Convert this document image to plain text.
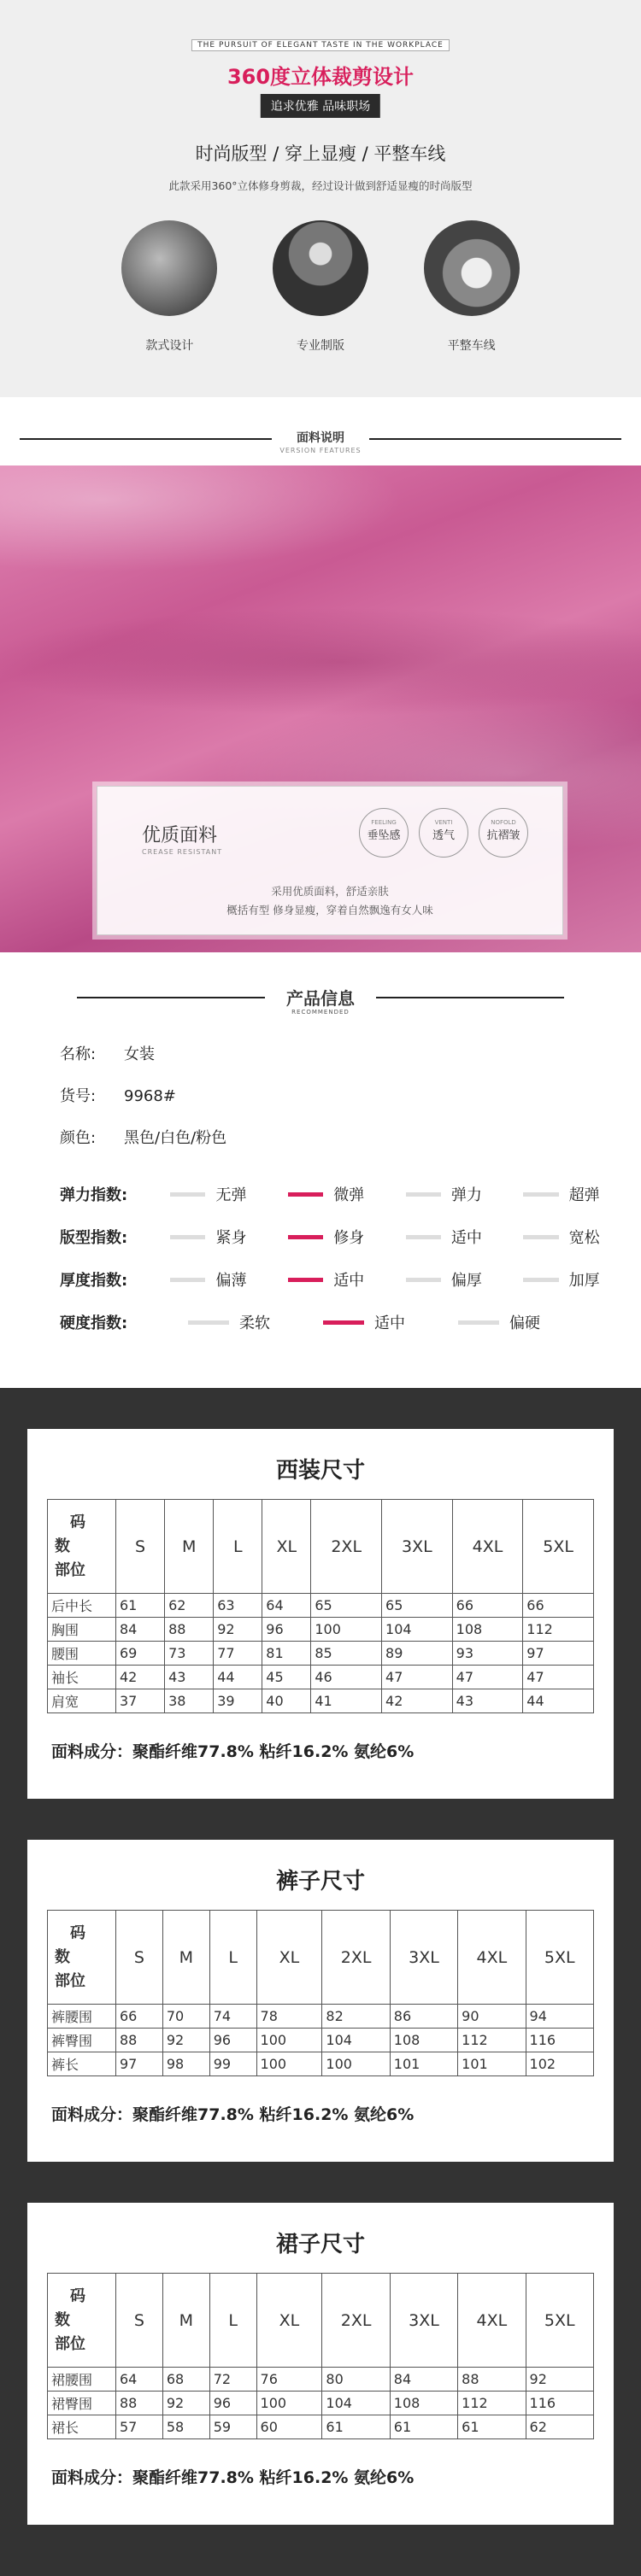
THE PURSUIT OF ELEGANT TASTE IN THE WORKPLACE
360度立体裁剪设计
追求优雅 品味职场
时尚版型 / 穿上显瘦 / 平整车线
此款采用360°立体修身剪裁，经过设计做到舒适显瘦的时尚版型
款式设计	专业制版	平整车线
面料说明
VERSION FEATURES
优质面料
CREASE RESISTANT
FEELING
垂坠感
VENTI
透气
NOFOLD
抗褶皱
采用优质面料，舒适亲肤
概括有型 修身显瘦，穿着自然飘逸有女人味
产品信息
RECOMMENDED
名称: 女装
货号: 9968#
颜色: 黑色/白色/粉色
弹力指数:	无弹	微弹	弹力	超弹
版型指数:	紧身	修身	适中	宽松
厚度指数:	偏薄	适中	偏厚	加厚
硬度指数:	柔软	适中	偏硬
西装尺寸
码
数
部位	S	M	L	XL	2XL	3XL	4XL	5XL
后中长	61	62	63	64	65	65	66	66
胸围	84	88	92	96	100	104	108	112
腰围	69	73	77	81	85	89	93	97
袖长	42	43	44	45	46	47	47	47
肩宽	37	38	39	40	41	42	43	44
面料成分：聚酯纤维77.8% 粘纤16.2% 氨纶6%
裤子尺寸
码
数
部位	S	M	L	XL	2XL	3XL	4XL	5XL
裤腰围	66	70	74	78	82	86	90	94
裤臀围	88	92	96	100	104	108	112	116
裤长	97	98	99	100	100	101	101	102
面料成分：聚酯纤维77.8% 粘纤16.2% 氨纶6%
裙子尺寸
码
数
部位	S	M	L	XL	2XL	3XL	4XL	5XL
裙腰围	64	68	72	76	80	84	88	92
裙臀围	88	92	96	100	104	108	112	116
裙长	57	58	59	60	61	61	61	62
面料成分：聚酯纤维77.8% 粘纤16.2% 氨纶6%
